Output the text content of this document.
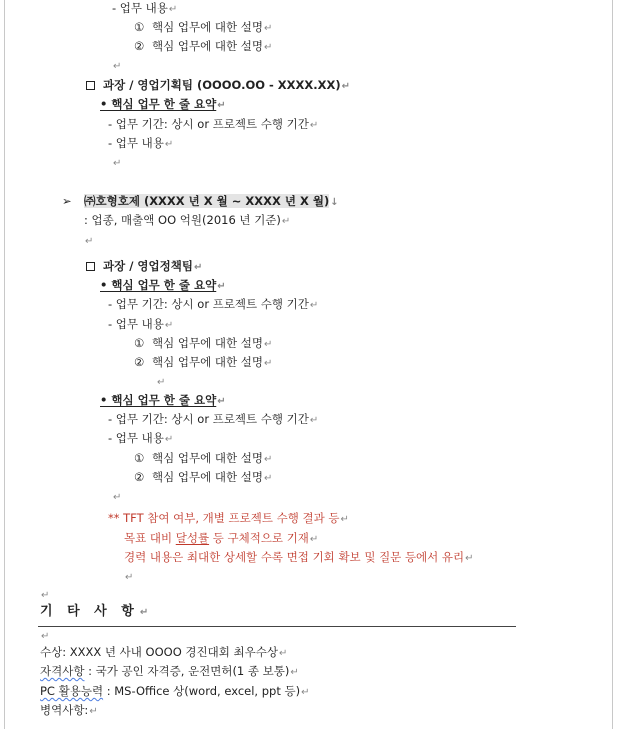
- 업무 내용↵
① 핵심 업무에 대한 설명↵
② 핵심 업무에 대한 설명↵
↵
과장 / 영업기획팀 (OOOO.OO - XXXX.XX)↵
• 핵심 업무 한 줄 요약↵
- 업무 기간: 상시 or 프로젝트 수행 기간↵
- 업무 내용↵
↵
➢ ㈜호형호제 (XXXX 년 X 월 ~ XXXX 년 X 월)↓
: 업종, 매출액 OO 억원(2016 년 기준)↵
↵
과장 / 영업정책팀↵
• 핵심 업무 한 줄 요약↵
- 업무 기간: 상시 or 프로젝트 수행 기간↵
- 업무 내용↵
① 핵심 업무에 대한 설명↵
② 핵심 업무에 대한 설명↵
↵
• 핵심 업무 한 줄 요약↵
- 업무 기간: 상시 or 프로젝트 수행 기간↵
- 업무 내용↵
① 핵심 업무에 대한 설명↵
② 핵심 업무에 대한 설명↵
↵
** TFT 참여 여부, 개별 프로젝트 수행 결과 등↵
목표 대비 달성률 등 구체적으로 기재↵
경력 내용은 최대한 상세할 수록 면접 기회 확보 및 질문 등에서 유리↵
↵
↵
기 타 사 항↵
↵
수상: XXXX 년 사내 OOOO 경진대회 최우수상↵
자격사항 : 국가 공인 자격증, 운전면허(1 종 보통)↵
PC 활용능력 : MS-Office 상(word, excel, ppt 등)↵
병역사항:↵
